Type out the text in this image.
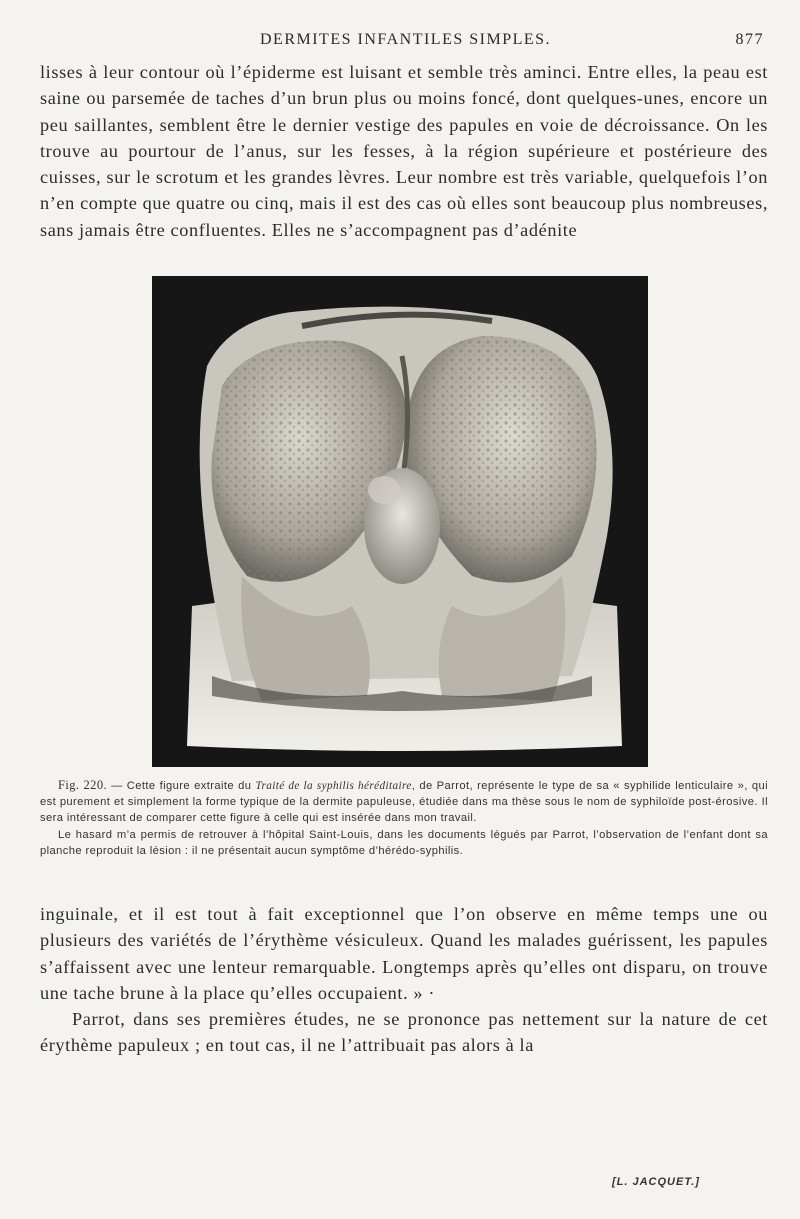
DERMITES INFANTILES SIMPLES.	877

lisses à leur contour où l’épiderme est luisant et semble très aminci. Entre elles, la peau est saine ou parsemée de taches d’un brun plus ou moins foncé, dont quelques-unes, encore un peu saillantes, semblent être le dernier vestige des papules en voie de décroissance. On les trouve au pourtour de l’anus, sur les fesses, à la région supérieure et postérieure des cuisses, sur le scrotum et les grandes lèvres. Leur nombre est très variable, quelquefois l’on n’en compte que quatre ou cinq, mais il est des cas où elles sont beaucoup plus nombreuses, sans jamais être confluentes. Elles ne s’accompagnent pas d’adénite

Fig. 220. — Cette figure extraite du Traité de la syphilis héréditaire, de Parrot, représente le type de sa « syphilide lenticulaire », qui est purement et simplement la forme typique de la dermite papuleuse, étudiée dans ma thèse sous le nom de syphiloïde post-érosive. Il sera intéressant de comparer cette figure à celle qui est insérée dans mon travail.

Le hasard m’a permis de retrouver à l’hôpital Saint-Louis, dans les documents légués par Parrot, l’observation de l’enfant dont sa planche reproduit la lésion : il ne présentait aucun symptôme d’hérédo-syphilis.

inguinale, et il est tout à fait exceptionnel que l’on observe en même temps une ou plusieurs des variétés de l’érythème vésiculeux. Quand les malades guérissent, les papules s’affaissent avec une lenteur remarquable. Longtemps après qu’elles ont disparu, on trouve une tache brune à la place qu’elles occupaient. » ·

Parrot, dans ses premières études, ne se prononce pas nettement sur la nature de cet érythème papuleux ; en tout cas, il ne l’attribuait pas alors à la

[L. JACQUET.]
